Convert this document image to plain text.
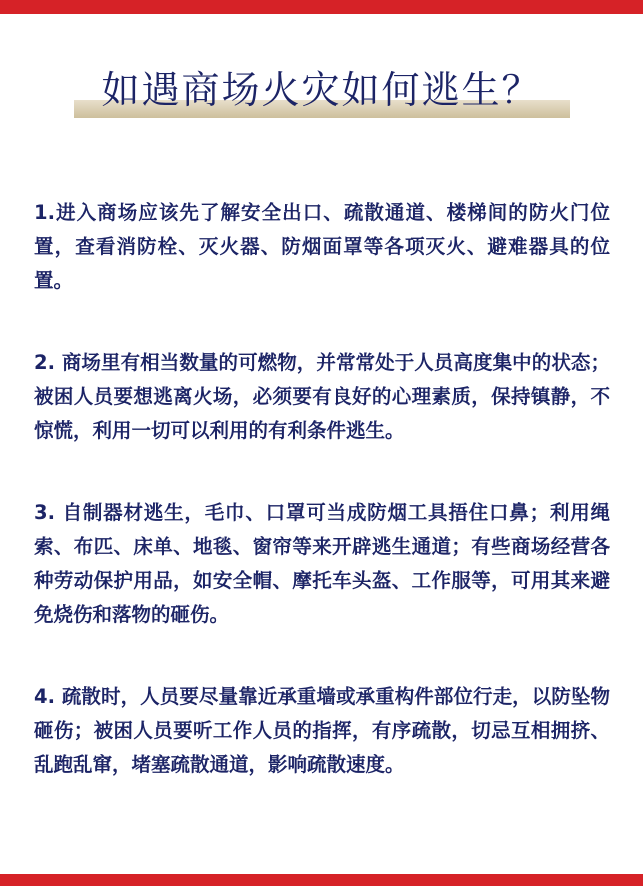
如遇商场火灾如何逃生？

1.进入商场应该先了解安全出口、疏散通道、楼梯间的防火门位置，查看消防栓、灭火器、防烟面罩等各项灭火、避难器具的位置。

2. 商场里有相当数量的可燃物，并常常处于人员高度集中的状态；被困人员要想逃离火场，必须要有良好的心理素质，保持镇静，不惊慌，利用一切可以利用的有利条件逃生。

3. 自制器材逃生，毛巾、口罩可当成防烟工具捂住口鼻；利用绳索、布匹、床单、地毯、窗帘等来开辟逃生通道；有些商场经营各种劳动保护用品，如安全帽、摩托车头盔、工作服等，可用其来避免烧伤和落物的砸伤。

4. 疏散时，人员要尽量靠近承重墙或承重构件部位行走，以防坠物砸伤；被困人员要听工作人员的指挥，有序疏散，切忌互相拥挤、乱跑乱窜，堵塞疏散通道，影响疏散速度。
